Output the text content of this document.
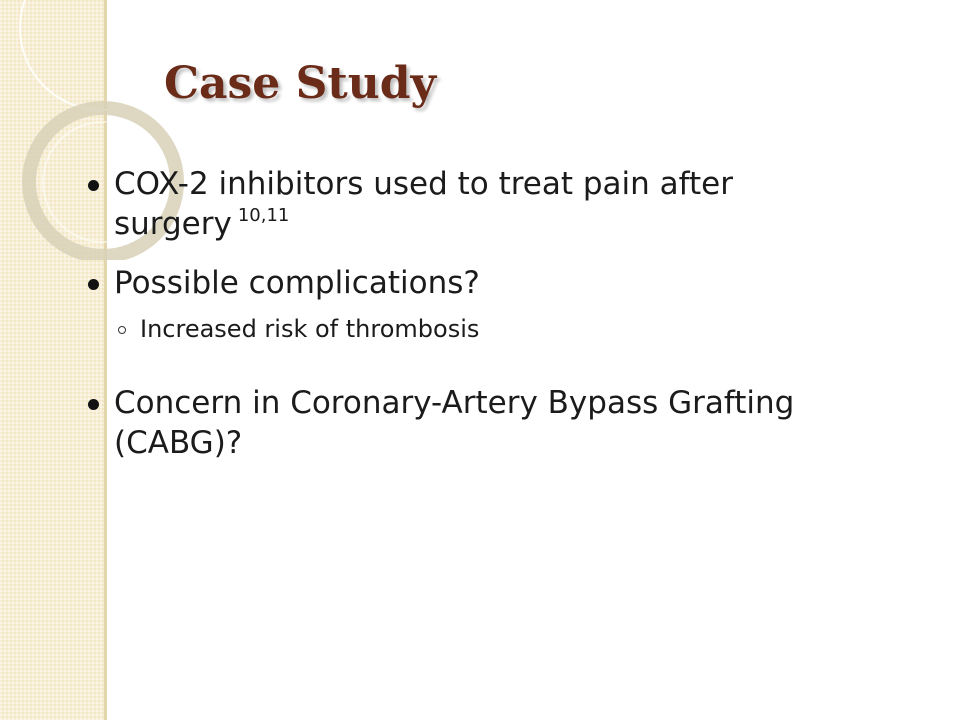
Case Study
COX-2 inhibitors used to treat pain after surgery $^{10,11}$
Possible complications?
Increased risk of thrombosis
Concern in Coronary-Artery Bypass Grafting (CABG)?
